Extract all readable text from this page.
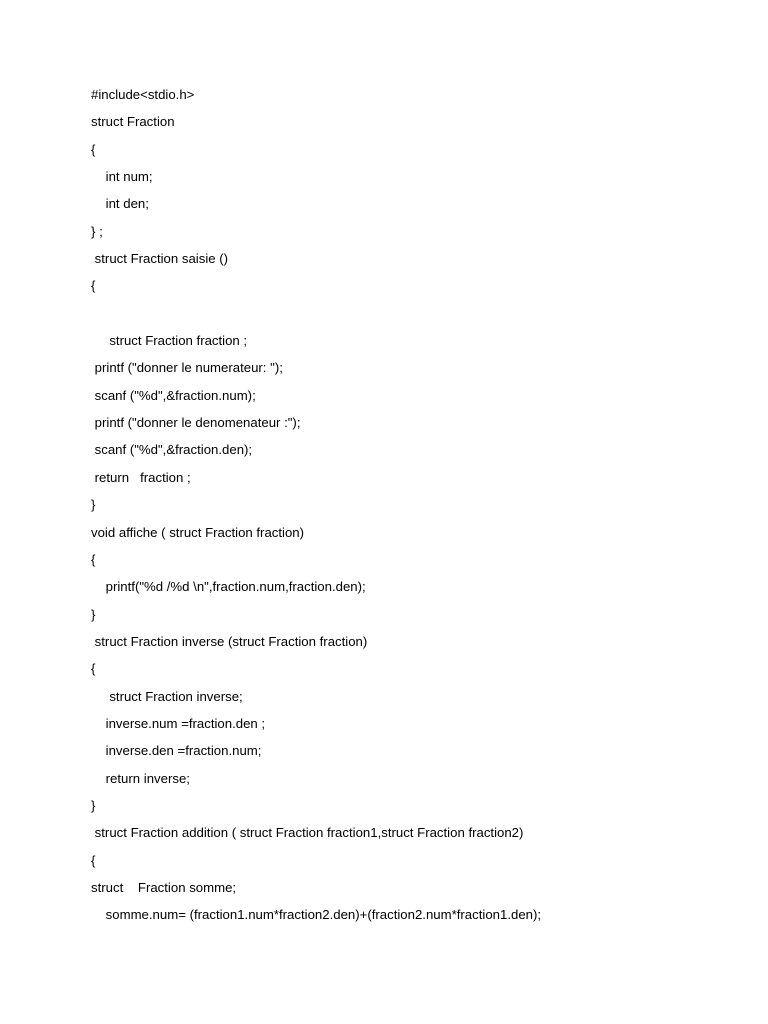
#include<stdio.h>
struct Fraction
{
int num;
int den;
} ;
struct Fraction saisie ()
{
struct Fraction fraction ;
printf ("donner le numerateur: ");
scanf ("%d",&fraction.num);
printf ("donner le denomenateur :");
scanf ("%d",&fraction.den);
return   fraction ;
}
void affiche ( struct Fraction fraction)
{
printf("%d /%d \n",fraction.num,fraction.den);
}
struct Fraction inverse (struct Fraction fraction)
{
struct Fraction inverse;
inverse.num =fraction.den ;
inverse.den =fraction.num;
return inverse;
}
struct Fraction addition ( struct Fraction fraction1,struct Fraction fraction2)
{
struct    Fraction somme;
somme.num= (fraction1.num*fraction2.den)+(fraction2.num*fraction1.den);
